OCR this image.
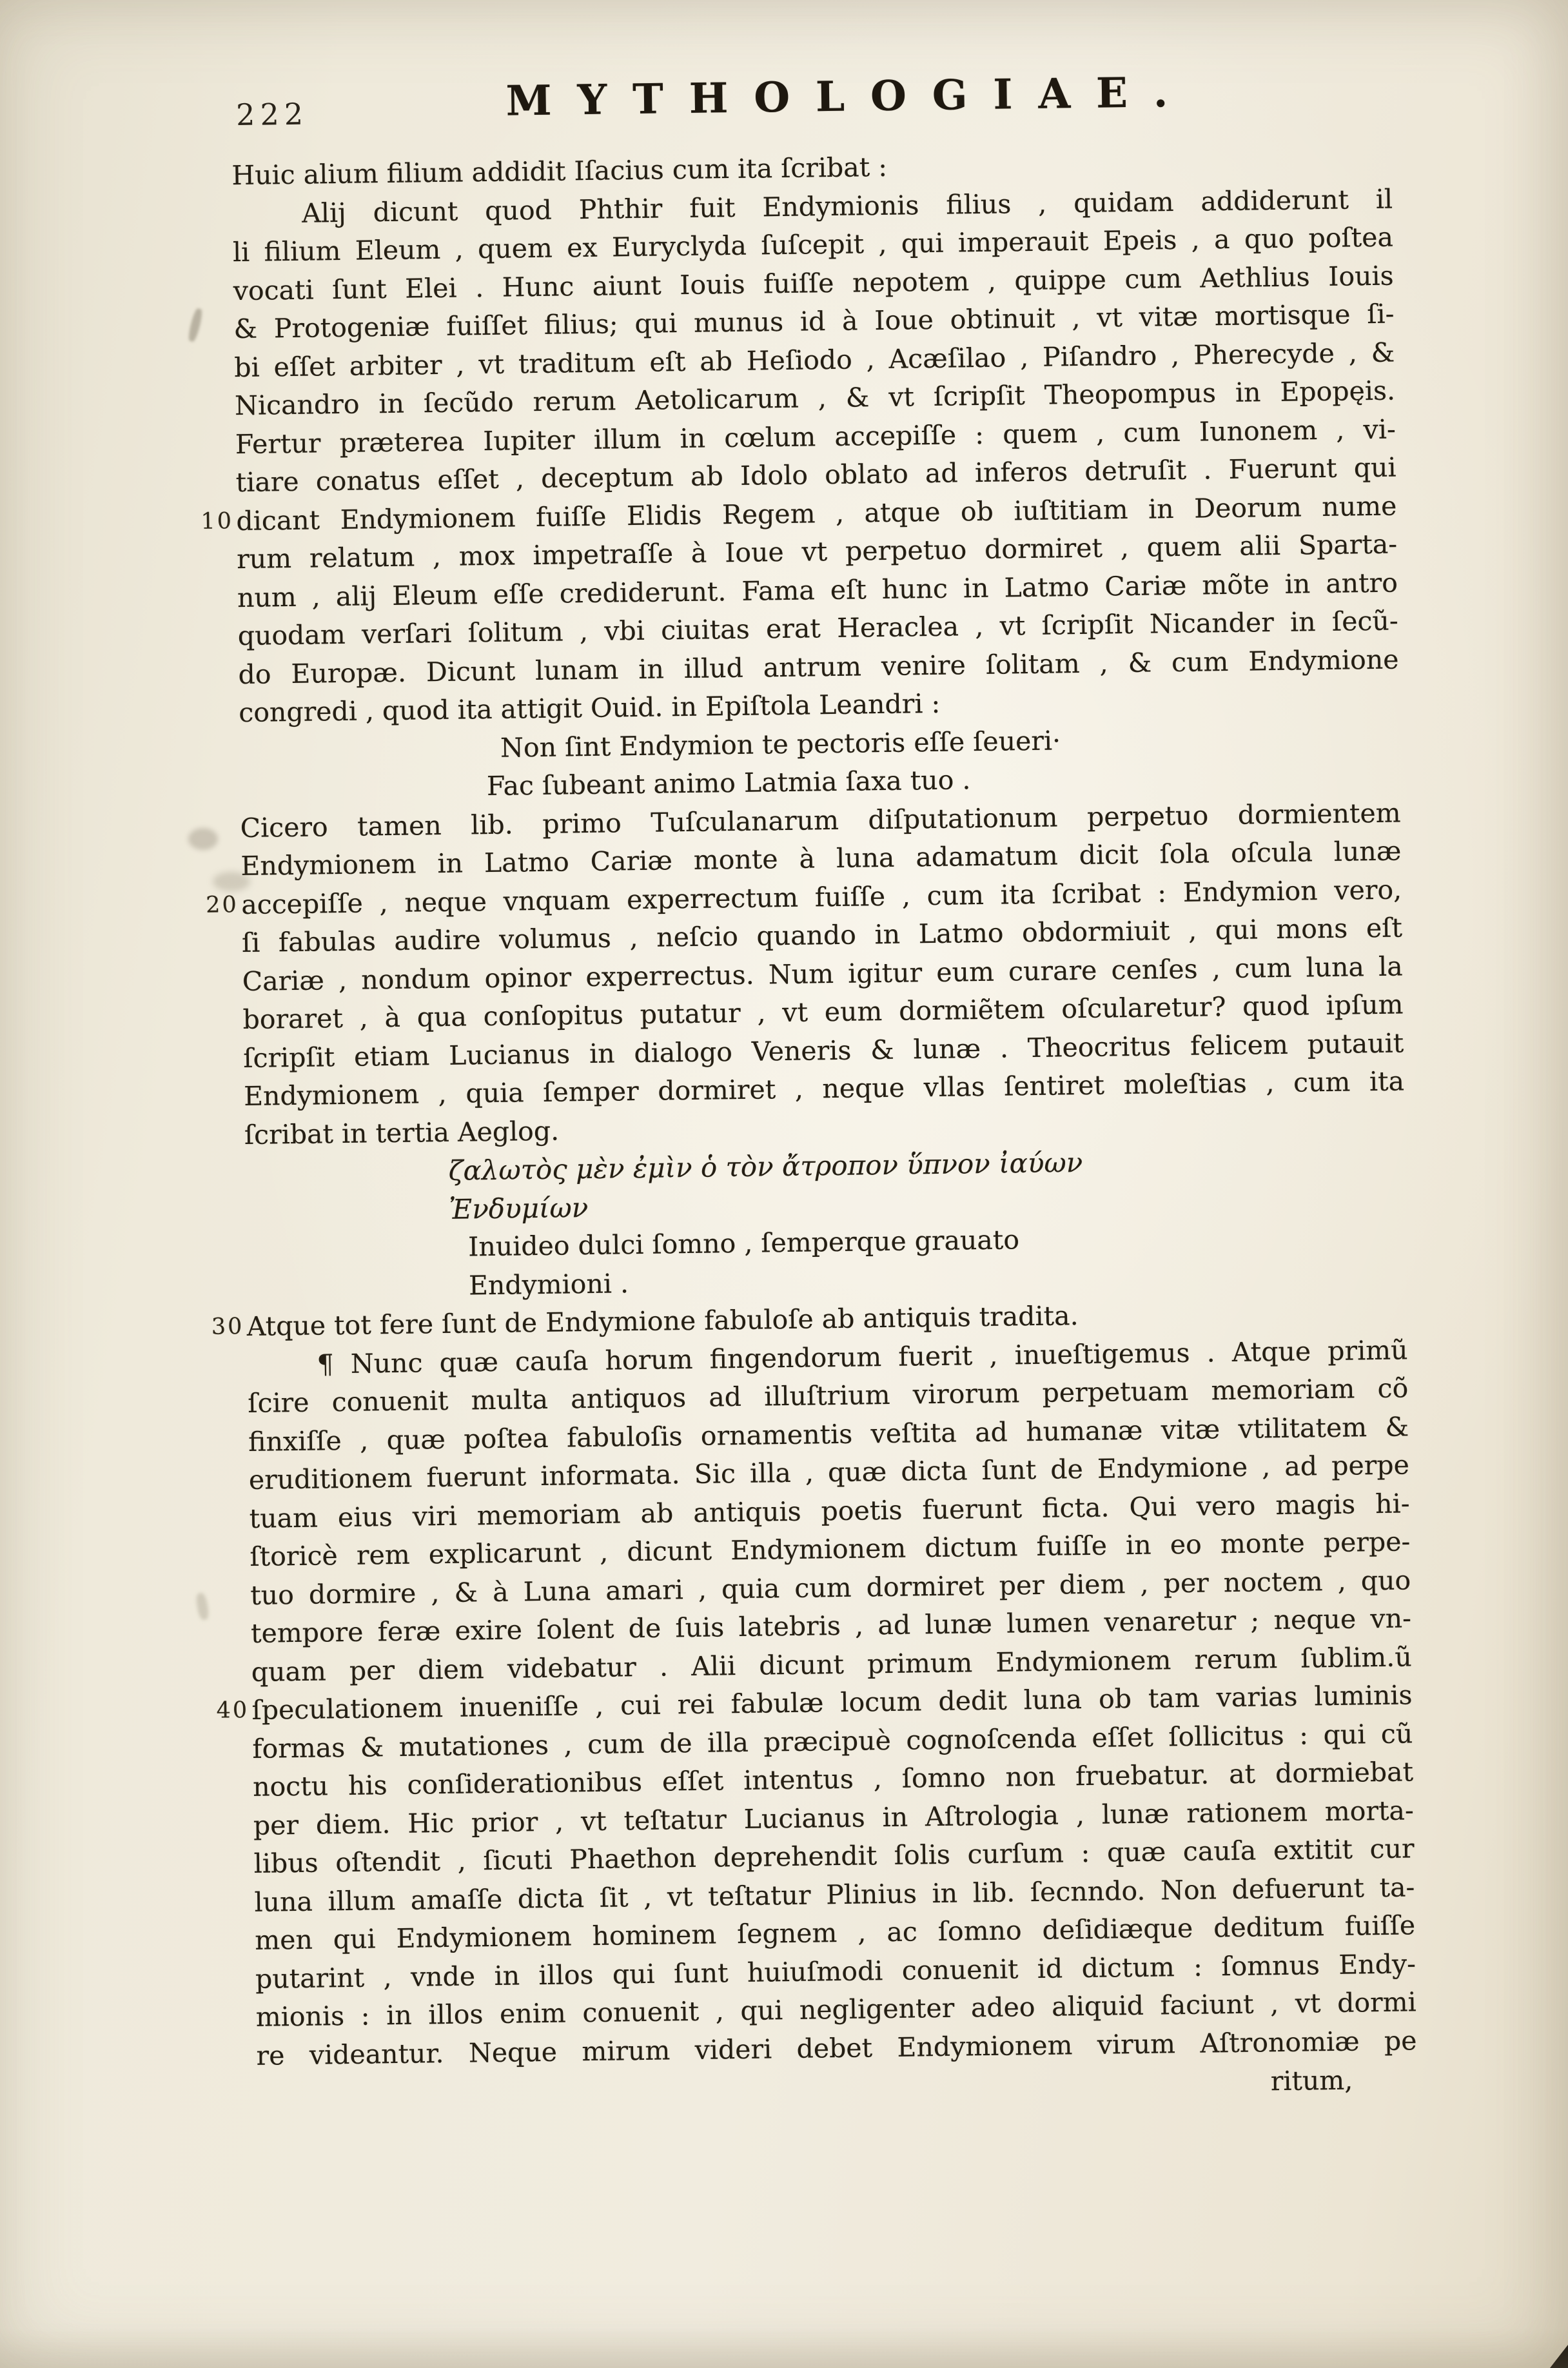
222	MYTHOLOGIAE.
Huic alium filium addidit Iſacius cum ita ſcribat :
Alij dicunt quod Phthir fuit Endymionis filius , quidam addiderunt il
li filium Eleum , quem ex Euryclyda ſuſcepit , qui imperauit Epeis , a quo poſtea
vocati ſunt Elei . Hunc aiunt Iouis fuiſſe nepotem , quippe cum Aethlius Iouis
& Protogeniæ fuiſſet filius; qui munus id à Ioue obtinuit , vt vitæ mortisque ſi-
bi eſſet arbiter , vt traditum eſt ab Heſiodo , Acæſilao , Piſandro , Pherecyde , &
Nicandro in ſecũdo rerum Aetolicarum , & vt ſcripſit Theopompus in Epopęis.
Fertur præterea Iupiter illum in cœlum accepiſſe : quem , cum Iunonem , vi-
tiare conatus eſſet , deceptum ab Idolo oblato ad inferos detruſit . Fuerunt qui
10 dicant Endymionem fuiſſe Elidis Regem , atque ob iuſtitiam in Deorum nume
rum relatum , mox impetraſſe à Ioue vt perpetuo dormiret , quem alii Sparta-
num , alij Eleum eſſe crediderunt. Fama eſt hunc in Latmo Cariæ mõte in antro
quodam verſari ſolitum , vbi ciuitas erat Heraclea , vt ſcripſit Nicander in ſecũ-
do Europæ. Dicunt lunam in illud antrum venire ſolitam , & cum Endymione
congredi , quod ita attigit Ouid. in Epiſtola Leandri :
Non ſint Endymion te pectoris eſſe ſeueri·
Fac ſubeant animo Latmia ſaxa tuo .
Cicero tamen lib. primo Tuſculanarum diſputationum perpetuo dormientem
Endymionem in Latmo Cariæ monte à luna adamatum dicit ſola oſcula lunæ
20 accepiſſe , neque vnquam experrectum fuiſſe , cum ita ſcribat : Endymion vero,
ſi fabulas audire volumus , neſcio quando in Latmo obdormiuit , qui mons eſt
Cariæ , nondum opinor experrectus. Num igitur eum curare cenſes , cum luna la
boraret , à qua conſopitus putatur , vt eum dormiẽtem oſcularetur? quod ipſum
ſcripſit etiam Lucianus in dialogo Veneris & lunæ . Theocritus felicem putauit
Endymionem , quia ſemper dormiret , neque vllas ſentiret moleſtias , cum ita
ſcribat in tertia Aeglog.
ζαλωτὸς μὲν ἐμὶν ὁ τὸν ἄτροπον ὕπνον ἰαύων
Ἐνδυμίων
Inuideo dulci ſomno , ſemperque grauato
Endymioni .
30 Atque tot fere ſunt de Endymione fabuloſe ab antiquis tradita.
¶ Nunc quæ cauſa horum fingendorum fuerit , inueſtigemus . Atque primũ
ſcire conuenit multa antiquos ad illuſtrium virorum perpetuam memoriam cõ
finxiſſe , quæ poſtea fabuloſis ornamentis veſtita ad humanæ vitæ vtilitatem &
eruditionem fuerunt informata. Sic illa , quæ dicta ſunt de Endymione , ad perpe
tuam eius viri memoriam ab antiquis poetis fuerunt ficta. Qui vero magis hi-
ſtoricè rem explicarunt , dicunt Endymionem dictum fuiſſe in eo monte perpe-
tuo dormire , & à Luna amari , quia cum dormiret per diem , per noctem , quo
tempore feræ exire ſolent de ſuis latebris , ad lunæ lumen venaretur ; neque vn-
quam per diem videbatur . Alii dicunt primum Endymionem rerum ſublim.ũ
40 ſpeculationem inueniſſe , cui rei fabulæ locum dedit luna ob tam varias luminis
formas & mutationes , cum de illa præcipuè cognoſcenda eſſet ſollicitus : qui cũ
noctu his conſiderationibus eſſet intentus , ſomno non fruebatur. at dormiebat
per diem. Hic prior , vt teſtatur Lucianus in Aſtrologia , lunæ rationem morta-
libus oſtendit , ſicuti Phaethon deprehendit ſolis curſum : quæ cauſa extitit cur
luna illum amaſſe dicta ſit , vt teſtatur Plinius in lib. ſecnndo. Non defuerunt ta-
men qui Endymionem hominem ſegnem , ac ſomno deſidiæque deditum fuiſſe
putarint , vnde in illos qui ſunt huiuſmodi conuenit id dictum : ſomnus Endy-
mionis : in illos enim conuenit , qui negligenter adeo aliquid faciunt , vt dormi
re videantur. Neque mirum videri debet Endymionem virum Aſtronomiæ pe
ritum,
